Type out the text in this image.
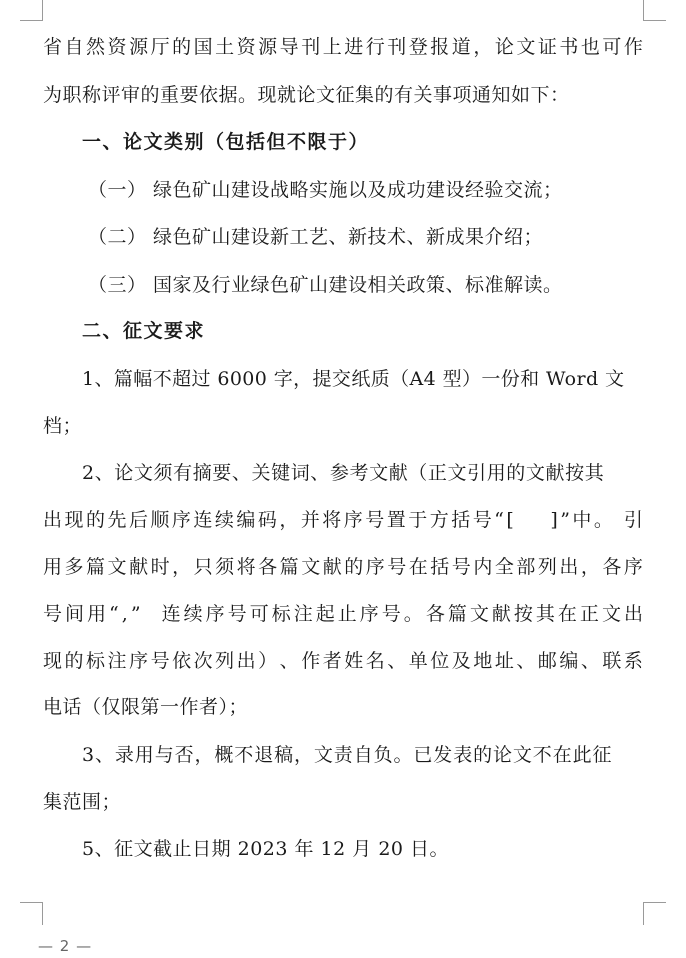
省 自 然 资 源 厅 的 国 土 资 源 导 刊 上 进 行 刊 登 报 道 ， 论 文 证 书 也 可 作
为职称评审的重要依据。现就论文征集的有关事项通知如下：
一、论文类别（包括但不限于）
（一） 绿色矿山建设战略实施以及成功建设经验交流；
（二） 绿色矿山建设新工艺、新技术、新成果介绍；
（三） 国家及行业绿色矿山建设相关政策、标准解读。
二、征文要求
1、篇幅不超过 6000 字，提交纸质（A4 型）一份和 Word 文
档；
2、论文须有摘要、关键词、参考文献（正文引用的文献按其
出 现 的 先 后 顺 序 连 续 编 码 ， 并 将 序 号 置 于 方 括 号 “ [

] ” 中 。
引
用 多 篇 文 献 时 ， 只 须 将 各 篇 文 献 的 序 号 在 括 号 内 全 部 列 出 ， 各 序
号 间 用 “ , ”

连 续 序 号 可 标 注 起 止 序 号 。 各 篇 文 献 按 其 在 正 文 出
现 的 标 注 序 号 依 次 列 出 ） 、 作 者 姓 名 、 单 位 及 地 址 、 邮 编 、 联 系
电话（仅限第一作者）；
3、录用与否，概不退稿，文责自负。已发表的论文不在此征
集范围；
5、征文截止日期 2023 年 12 月 20 日。
— 2 —
